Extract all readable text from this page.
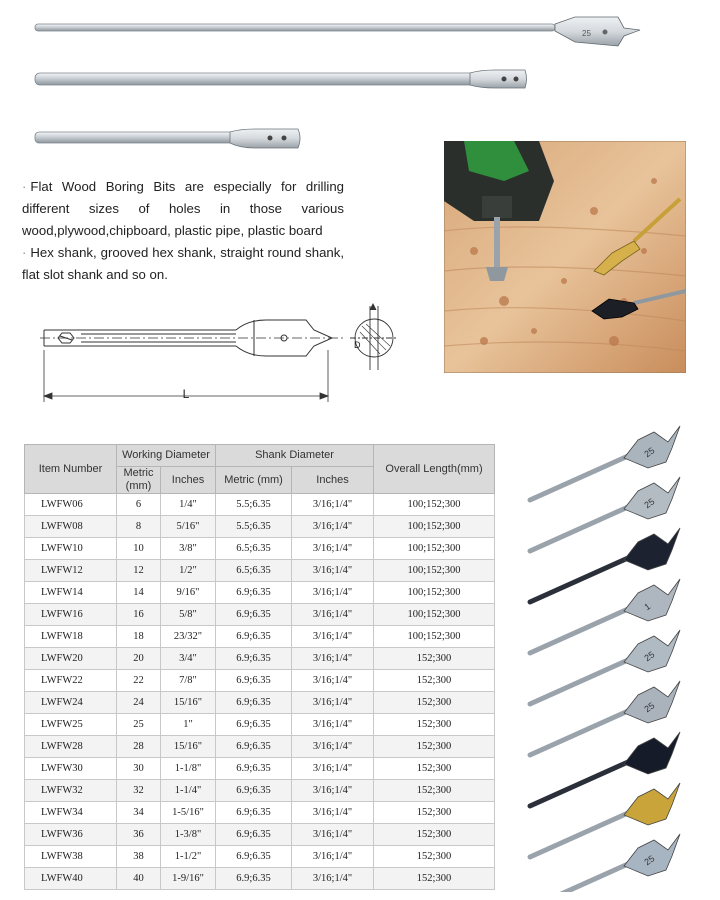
25

· Flat Wood Boring Bits are especially for drilling different sizes of holes in those various wood,plywood,chipboard, plastic pipe, plastic board

· Hex shank, grooved hex shank, straight round shank, flat slot shank and so on.

L
D
Item Number	Working Diameter		Shank Diameter		Overall Length(mm)
	Metric (mm)	Inches	Metric (mm)	Inches	
LWFW06	6	1/4"	5.5;6.35	3/16;1/4"	100;152;300
LWFW08	8	5/16"	5.5;6.35	3/16;1/4"	100;152;300
LWFW10	10	3/8"	6.5;6.35	3/16;1/4"	100;152;300
LWFW12	12	1/2"	6.5;6.35	3/16;1/4"	100;152;300
LWFW14	14	9/16"	6.9;6.35	3/16;1/4"	100;152;300
LWFW16	16	5/8"	6.9;6.35	3/16;1/4"	100;152;300
LWFW18	18	23/32"	6.9;6.35	3/16;1/4"	100;152;300
LWFW20	20	3/4"	6.9;6.35	3/16;1/4"	152;300
LWFW22	22	7/8"	6.9;6.35	3/16;1/4"	152;300
LWFW24	24	15/16"	6.9;6.35	3/16;1/4"	152;300
LWFW25	25	1"	6.9;6.35	3/16;1/4"	152;300
LWFW28	28	15/16"	6.9;6.35	3/16;1/4"	152;300
LWFW30	30	1-1/8"	6.9;6.35	3/16;1/4"	152;300
LWFW32	32	1-1/4"	6.9;6.35	3/16;1/4"	152;300
LWFW34	34	1-5/16"	6.9;6.35	3/16;1/4"	152;300
LWFW36	36	1-3/8"	6.9;6.35	3/16;1/4"	152;300
LWFW38	38	1-1/2"	6.9;6.35	3/16;1/4"	152;300
LWFW40	40	1-9/16"	6.9;6.35	3/16;1/4"	152;300
25
25
1
25
25
25
